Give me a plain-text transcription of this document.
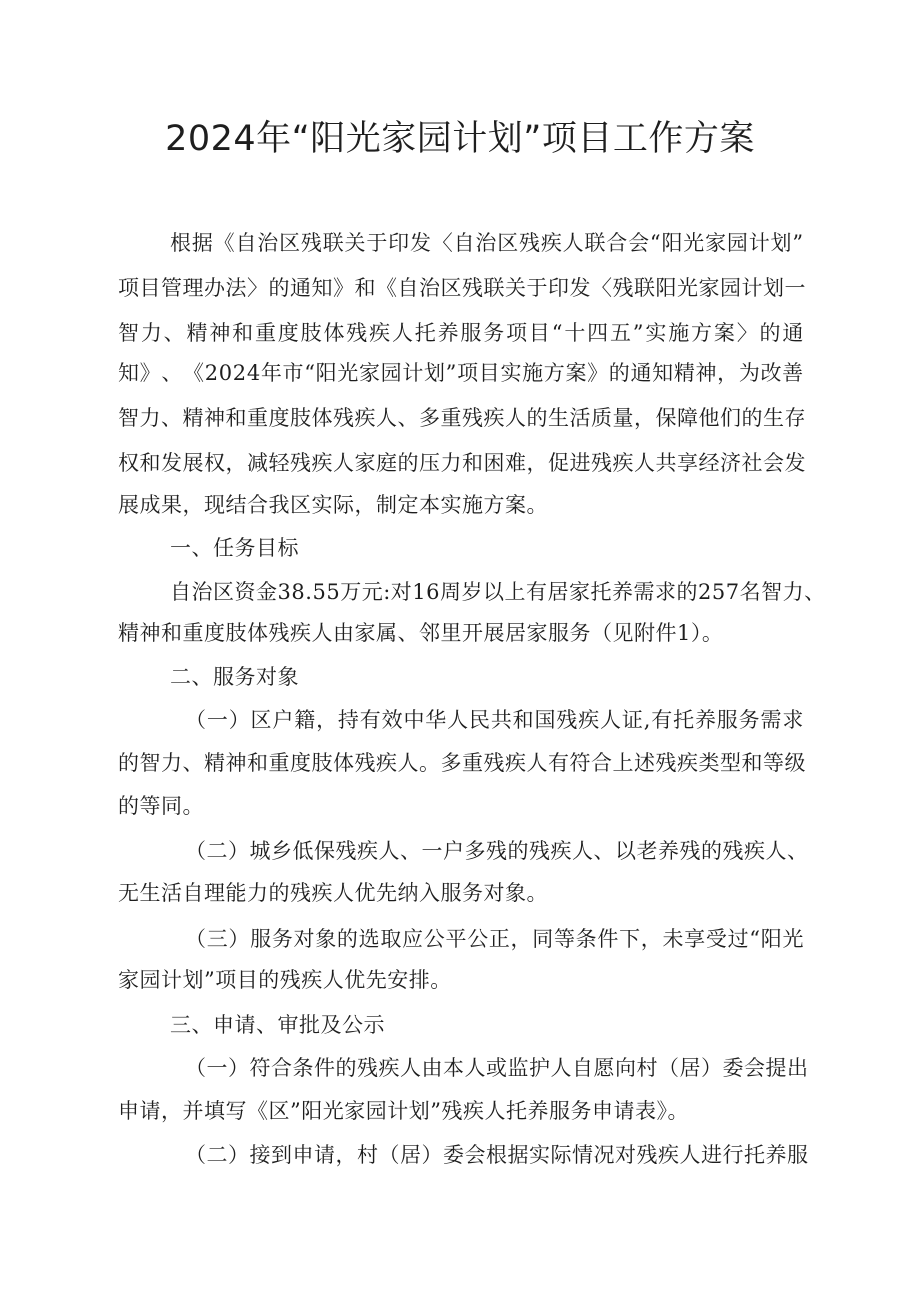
2024年“阳光家园计划”项目工作方案
根 据 《 自 治 区 残 联 关 于 印 发 〈 自 治 区 残 疾 人 联 合 会 “ 阳 光 家 园 计 划 ”
项 目 管 理 办 法 〉 的 通 知 》 和 《 自 治 区 残 联 关 于 印 发 〈 残 联 阳 光 家 园 计 划 一
智 力 、 精 神 和 重 度 肢 体 残 疾 人 托 养 服 务 项 目 “ 十 四 五 ” 实 施 方 案 〉 的 通
知 》 、 《 2 0 2 4 年 市 “ 阳 光 家 园 计 划 ” 项 目 实 施 方 案 》 的 通 知 精 神 ， 为 改 善
智 力 、 精 神 和 重 度 肢 体 残 疾 人 、 多 重 残 疾 人 的 生 活 质 量 ， 保 障 他 们 的 生 存
权 和 发 展 权 ， 减 轻 残 疾 人 家 庭 的 压 力 和 困 难 ， 促 进 残 疾 人 共 享 经 济 社 会 发
展成果，现结合我区实际，制定本实施方案。
一、任务目标
自 治 区 资 金 3 8 . 5 5 万 元 : 对 1 6 周 岁 以 上 有 居 家 托 养 需 求 的 2 5 7 名 智 力 、
精神和重度肢体残疾人由家属、邻里开展居家服务（见附件1）。
二、服务对象
（ 一 ） 区 户 籍 ， 持 有 效 中 华 人 民 共 和 国 残 疾 人 证 , 有 托 养 服 务 需 求
的 智 力 、 精 神 和 重 度 肢 体 残 疾 人 。 多 重 残 疾 人 有 符 合 上 述 残 疾 类 型 和 等 级
的等同。
（ 二 ） 城 乡 低 保 残 疾 人 、 一 户 多 残 的 残 疾 人 、 以 老 养 残 的 残 疾 人 、
无生活自理能力的残疾人优先纳入服务对象。
（ 三 ） 服 务 对 象 的 选 取 应 公 平 公 正 ， 同 等 条 件 下 ， 未 享 受 过 “ 阳 光
家园计划”项目的残疾人优先安排。
三、申请、审批及公示
（ 一 ） 符 合 条 件 的 残 疾 人 由 本 人 或 监 护 人 自 愿 向 村 （ 居 ） 委 会 提 出
申请，并填写《区”阳光家园计划”残疾人托养服务申请表》。
（ 二 ） 接 到 申 请 ， 村 （ 居 ） 委 会 根 据 实 际 情 况 对 残 疾 人 进 行 托 养 服
